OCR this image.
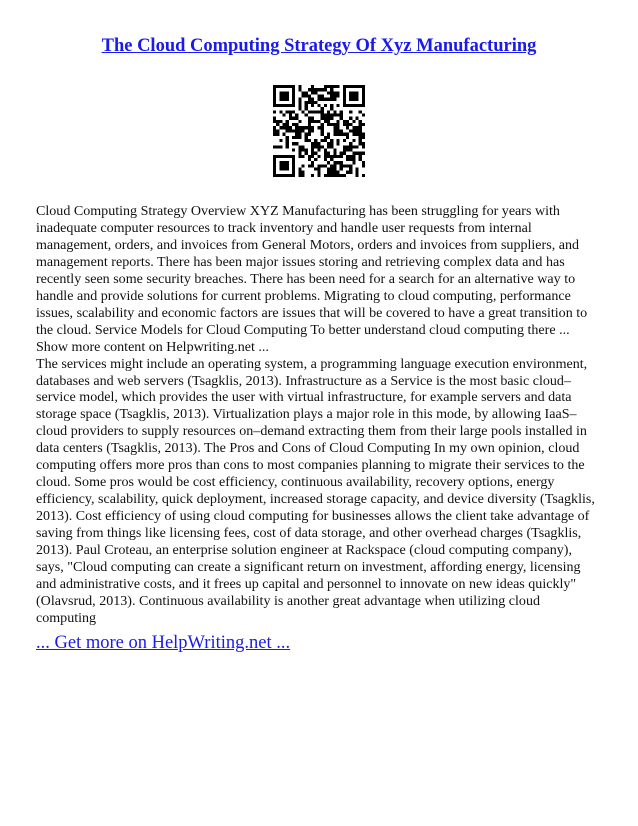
The Cloud Computing Strategy Of Xyz Manufacturing

Cloud Computing Strategy Overview XYZ Manufacturing has been struggling for years with inadequate computer resources to track inventory and handle user requests from internal management, orders, and invoices from General Motors, orders and invoices from suppliers, and management reports. There has been major issues storing and retrieving complex data and has recently seen some security breaches. There has been need for a search for an alternative way to handle and provide solutions for current problems. Migrating to cloud computing, performance issues, scalability and economic factors are issues that will be covered to have a great transition to the cloud. Service Models for Cloud Computing To better understand cloud computing there ...

Show more content on Helpwriting.net ...

The services might include an operating system, a programming language execution environment, databases and web servers (Tsagklis, 2013). Infrastructure as a Service is the most basic cloud–service model, which provides the user with virtual infrastructure, for example servers and data storage space (Tsagklis, 2013). Virtualization plays a major role in this mode, by allowing IaaS–cloud providers to supply resources on–demand extracting them from their large pools installed in data centers (Tsagklis, 2013). The Pros and Cons of Cloud Computing In my own opinion, cloud computing offers more pros than cons to most companies planning to migrate their services to the cloud. Some pros would be cost efficiency, continuous availability, recovery options, energy efficiency, scalability, quick deployment, increased storage capacity, and device diversity (Tsagklis, 2013). Cost efficiency of using cloud computing for businesses allows the client take advantage of saving from things like licensing fees, cost of data storage, and other overhead charges (Tsagklis, 2013). Paul Croteau, an enterprise solution engineer at Rackspace (cloud computing company), says, "Cloud computing can create a significant return on investment, affording energy, licensing and administrative costs, and it frees up capital and personnel to innovate on new ideas quickly" (Olavsrud, 2013). Continuous availability is another great advantage when utilizing cloud computing

... Get more on HelpWriting.net ...
